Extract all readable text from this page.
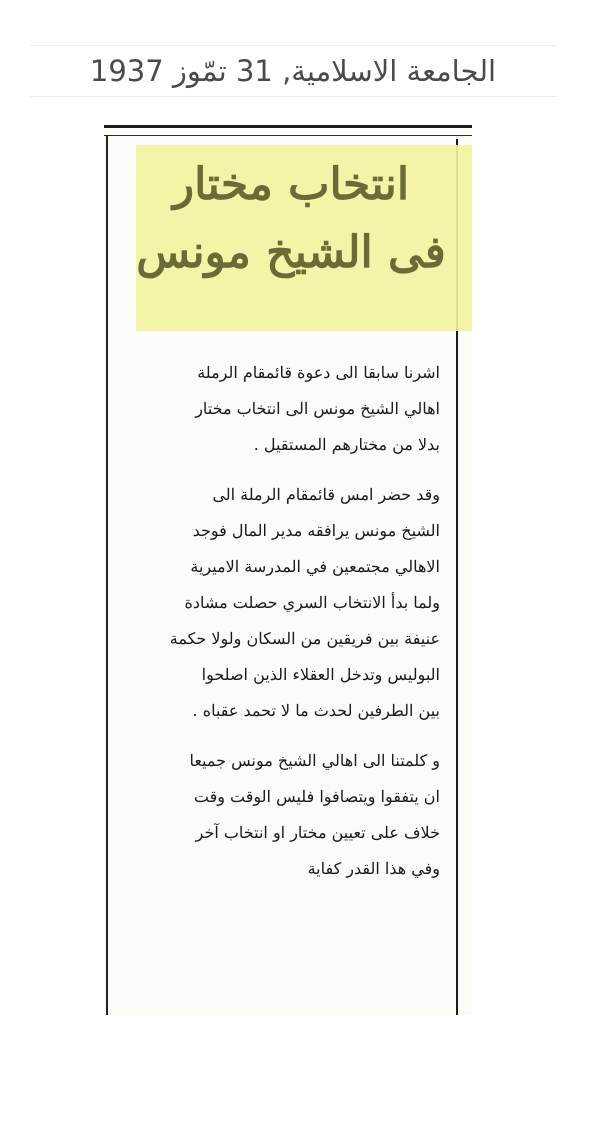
الجامعة الاسلامية, 31 تمّوز 1937
انتخاب مختار
فى الشيخ مونس

اشرنا سابقا الى دعوة قائمقام الرملة
اهالي الشيخ مونس الى انتخاب مختار
بدلا من مختارهم المستقيل .

وقد حضر امس قائمقام الرملة الى
الشيخ مونس يرافقه مدير المال فوجد
الاهالي مجتمعين في المدرسة الاميرية
ولما بدأ الانتخاب السري حصلت مشادة
عنيفة بين فريقين من السكان ولولا حكمة
البوليس وتدخل العقلاء الذين اصلحوا
بين الطرفين لحدث ما لا تحمد عقباه .

و كلمتنا الى اهالي الشيخ مونس جميعا
ان يتفقوا ويتصافوا فليس الوقت وقت
خلاف على تعيين مختار او انتخاب آخر
وفي هذا القدر كفاية
